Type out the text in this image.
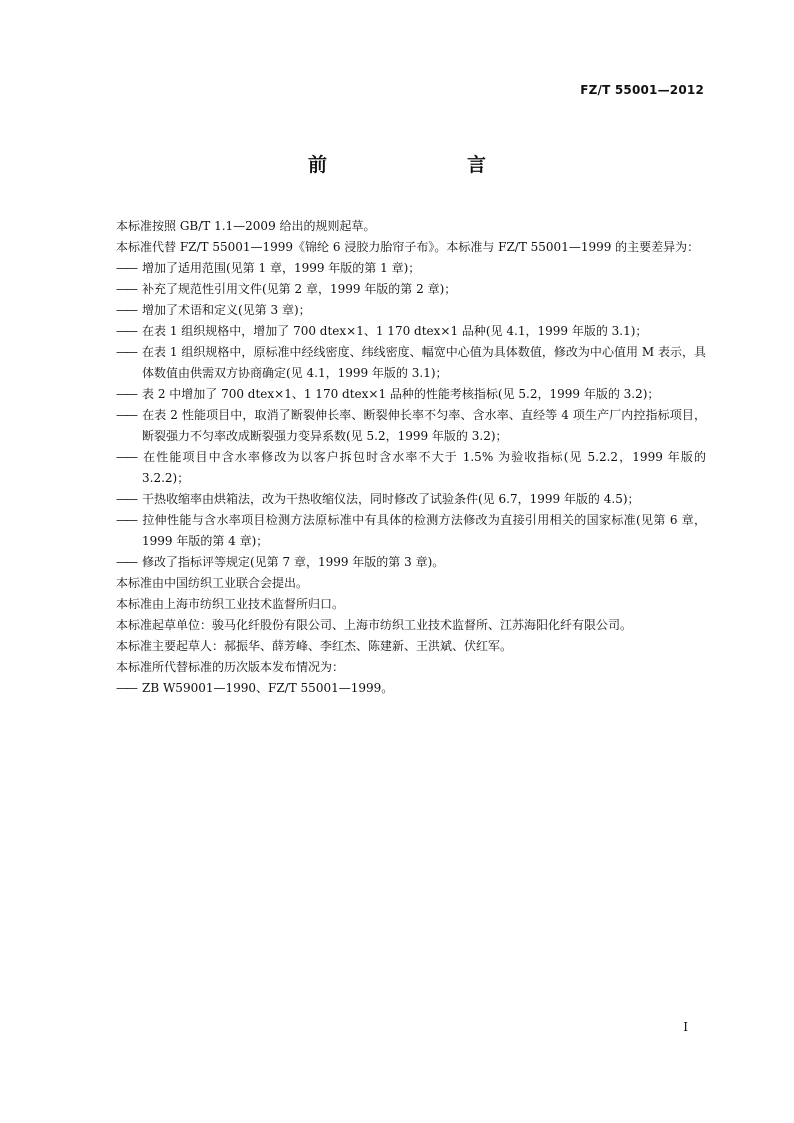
FZ/T 55001—2012
前　　言

本标准按照 GB/T 1.1—2009 给出的规则起草。

本标准代替 FZ/T 55001—1999《锦纶 6 浸胶力胎帘子布》。本标准与 FZ/T 55001—1999 的主要差异为：

—— 增加了适用范围(见第 1 章，1999 年版的第 1 章)；

—— 补充了规范性引用文件(见第 2 章，1999 年版的第 2 章)；

—— 增加了术语和定义(见第 3 章)；

—— 在表 1 组织规格中，增加了 700 dtex×1、1 170 dtex×1 品种(见 4.1，1999 年版的 3.1)；

—— 在表 1 组织规格中，原标准中经线密度、纬线密度、幅宽中心值为具体数值，修改为中心值用 M 表示，具体数值由供需双方协商确定(见 4.1，1999 年版的 3.1)；

—— 表 2 中增加了 700 dtex×1、1 170 dtex×1 品种的性能考核指标(见 5.2，1999 年版的 3.2)；

—— 在表 2 性能项目中，取消了断裂伸长率、断裂伸长率不匀率、含水率、直经等 4 项生产厂内控指标项目，断裂强力不匀率改成断裂强力变异系数(见 5.2，1999 年版的 3.2)；

—— 在性能项目中含水率修改为以客户拆包时含水率不大于 1.5% 为验收指标(见 5.2.2，1999 年版的 3.2.2)；

—— 干热收缩率由烘箱法，改为干热收缩仪法，同时修改了试验条件(见 6.7，1999 年版的 4.5)；

—— 拉伸性能与含水率项目检测方法原标准中有具体的检测方法修改为直接引用相关的国家标准(见第 6 章，1999 年版的第 4 章)；

—— 修改了指标评等规定(见第 7 章，1999 年版的第 3 章)。

本标准由中国纺织工业联合会提出。

本标准由上海市纺织工业技术监督所归口。

本标准起草单位：骏马化纤股份有限公司、上海市纺织工业技术监督所、江苏海阳化纤有限公司。

本标准主要起草人：郝振华、薛芳峰、李红杰、陈建新、王洪斌、伏红军。

本标准所代替标准的历次版本发布情况为：

—— ZB W59001—1990、FZ/T 55001—1999。

I
